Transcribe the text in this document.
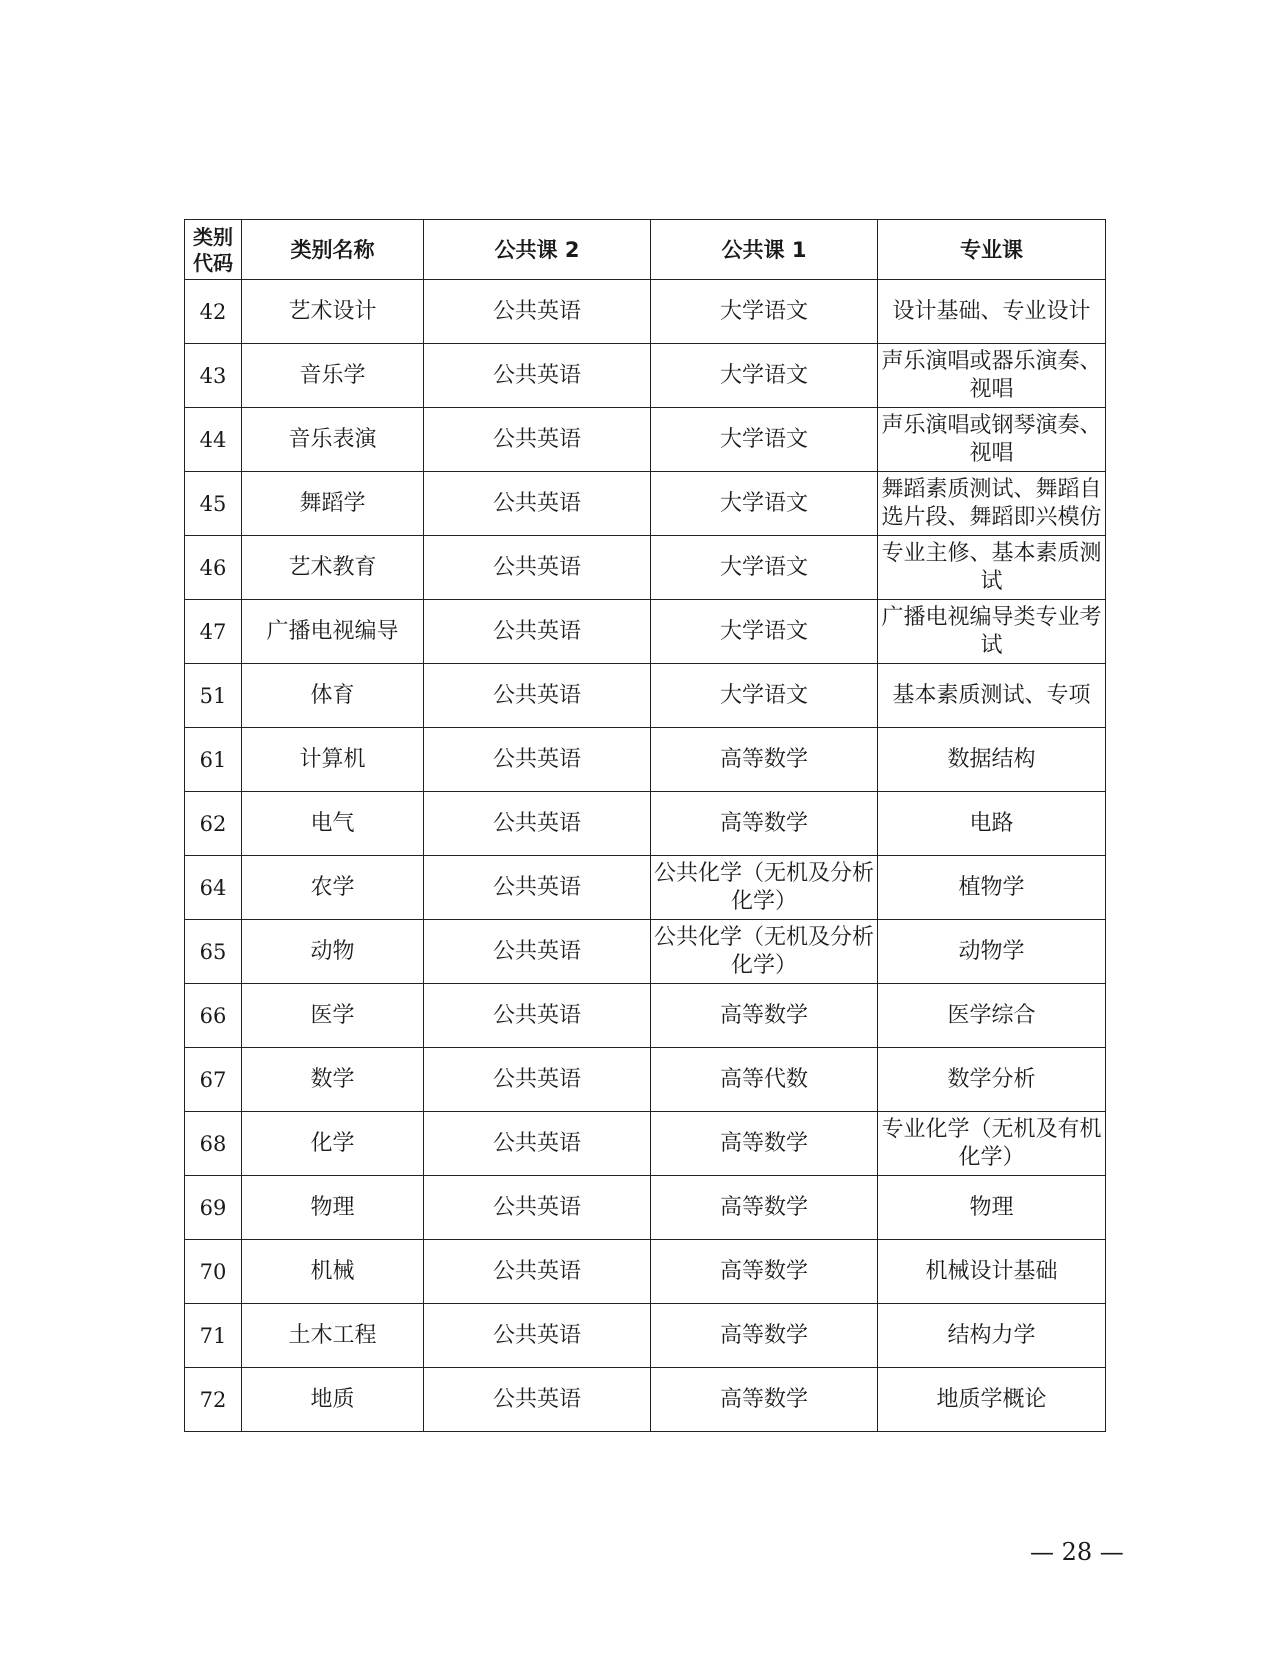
类别
代码	类别名称	公共课 2	公共课 1	专业课
42	艺术设计	公共英语	大学语文	设计基础、专业设计
43	音乐学	公共英语	大学语文	声乐演唱或器乐演奏、视唱
44	音乐表演	公共英语	大学语文	声乐演唱或钢琴演奏、视唱
45	舞蹈学	公共英语	大学语文	舞蹈素质测试、舞蹈自选片段、舞蹈即兴模仿
46	艺术教育	公共英语	大学语文	专业主修、基本素质测试
47	广播电视编导	公共英语	大学语文	广播电视编导类专业考试
51	体育	公共英语	大学语文	基本素质测试、专项
61	计算机	公共英语	高等数学	数据结构
62	电气	公共英语	高等数学	电路
64	农学	公共英语	公共化学（无机及分析化学）	植物学
65	动物	公共英语	公共化学（无机及分析化学）	动物学
66	医学	公共英语	高等数学	医学综合
67	数学	公共英语	高等代数	数学分析
68	化学	公共英语	高等数学	专业化学（无机及有机化学）
69	物理	公共英语	高等数学	物理
70	机械	公共英语	高等数学	机械设计基础
71	土木工程	公共英语	高等数学	结构力学
72	地质	公共英语	高等数学	地质学概论
— 28 —
